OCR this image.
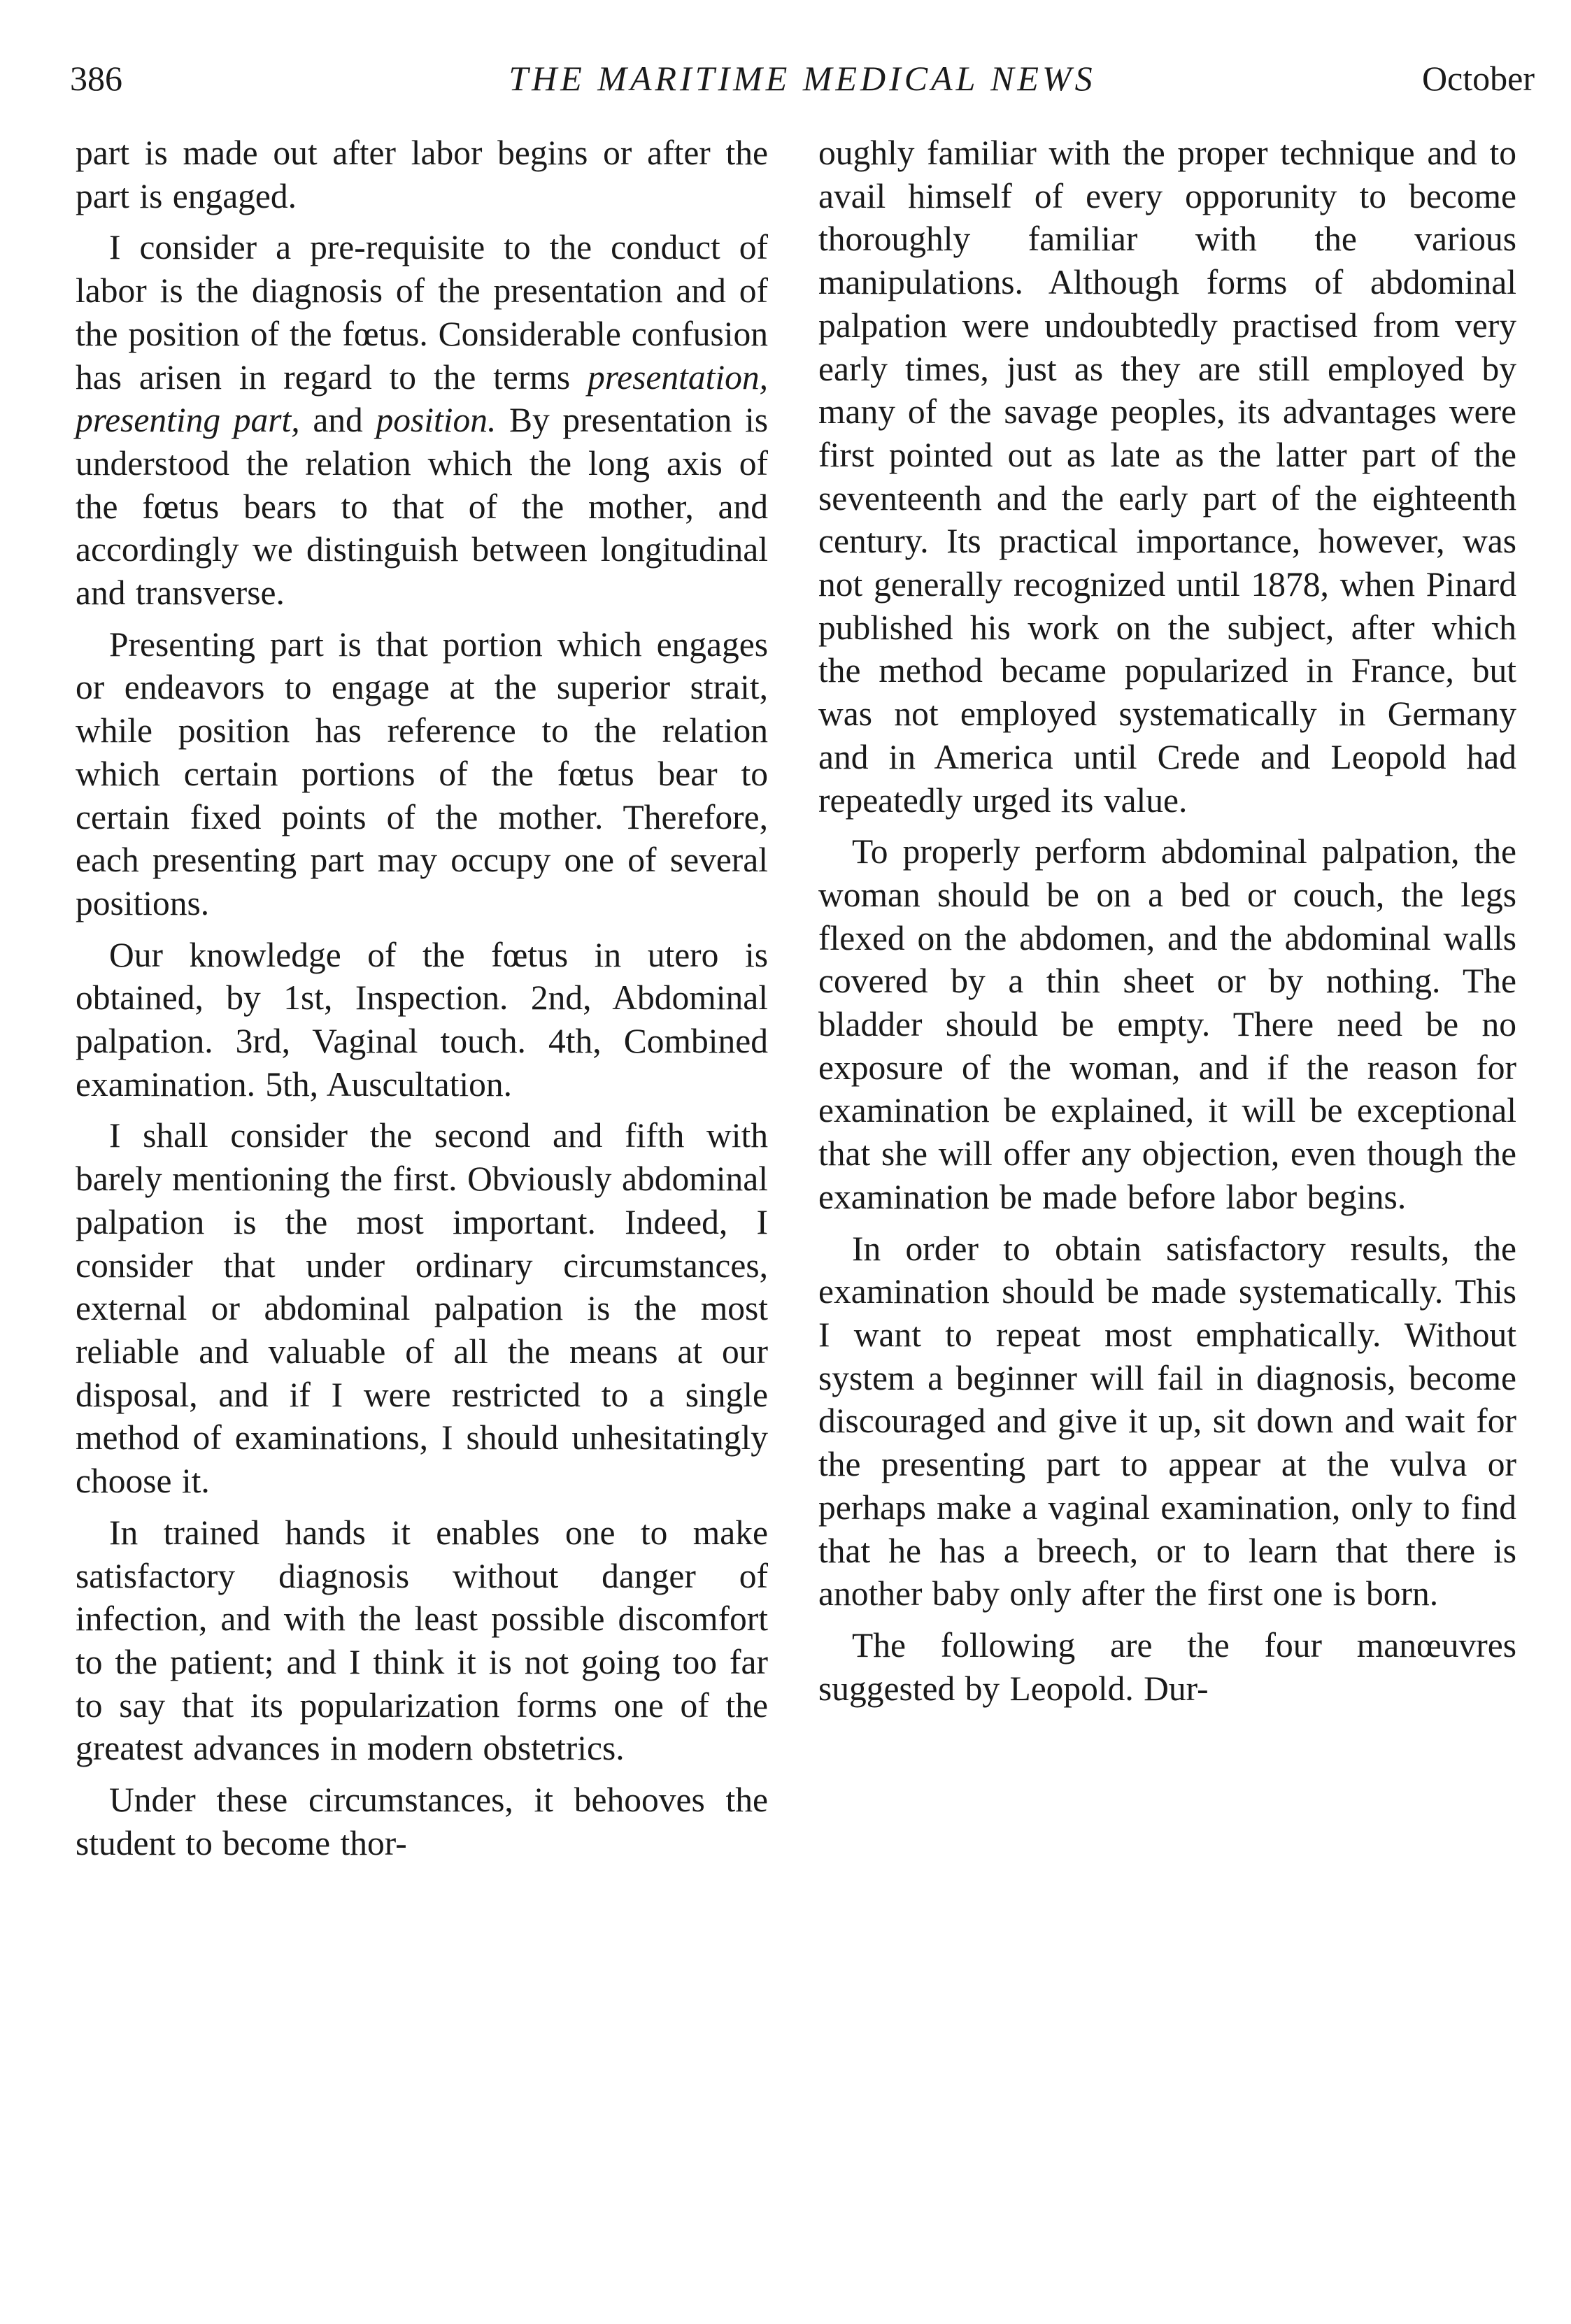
386	THE MARITIME MEDICAL NEWS	October

part is made out after labor begins or after the part is engaged.

I consider a pre-requisite to the conduct of labor is the diagnosis of the presentation and of the position of the fœtus. Considerable confusion has arisen in regard to the terms presentation, presenting part, and position. By presentation is understood the relation which the long axis of the fœtus bears to that of the mother, and accordingly we distinguish between longitudinal and transverse.

Presenting part is that portion which engages or endeavors to engage at the superior strait, while position has reference to the relation which certain portions of the fœtus bear to certain fixed points of the mother. Therefore, each presenting part may occupy one of several positions.

Our knowledge of the fœtus in utero is obtained, by 1st, Inspection. 2nd, Abdominal palpation. 3rd, Vaginal touch. 4th, Combined examination. 5th, Auscultation.

I shall consider the second and fifth with barely mentioning the first. Obviously abdominal palpation is the most important. Indeed, I consider that under ordinary circumstances, external or abdominal palpation is the most reliable and valuable of all the means at our disposal, and if I were restricted to a single method of examinations, I should unhesitatingly choose it.

In trained hands it enables one to make satisfactory diagnosis without danger of infection, and with the least possible discomfort to the patient; and I think it is not going too far to say that its popularization forms one of the greatest advances in modern obstetrics.

Under these circumstances, it behooves the student to become thor-

oughly familiar with the proper technique and to avail himself of every opporunity to become thoroughly familiar with the various manipulations. Although forms of abdominal palpation were undoubtedly practised from very early times, just as they are still employed by many of the savage peoples, its advantages were first pointed out as late as the latter part of the seventeenth and the early part of the eighteenth century. Its practical importance, however, was not generally recognized until 1878, when Pinard published his work on the subject, after which the method became popularized in France, but was not employed systematically in Germany and in America until Crede and Leopold had repeatedly urged its value.

To properly perform abdominal palpation, the woman should be on a bed or couch, the legs flexed on the abdomen, and the abdominal walls covered by a thin sheet or by nothing. The bladder should be empty. There need be no exposure of the woman, and if the reason for examination be explained, it will be exceptional that she will offer any objection, even though the examination be made before labor begins.

In order to obtain satisfactory results, the examination should be made systematically. This I want to repeat most emphatically. Without system a beginner will fail in diagnosis, become discouraged and give it up, sit down and wait for the presenting part to appear at the vulva or perhaps make a vaginal examination, only to find that he has a breech, or to learn that there is another baby only after the first one is born.

The following are the four manœuvres suggested by Leopold. Dur-
